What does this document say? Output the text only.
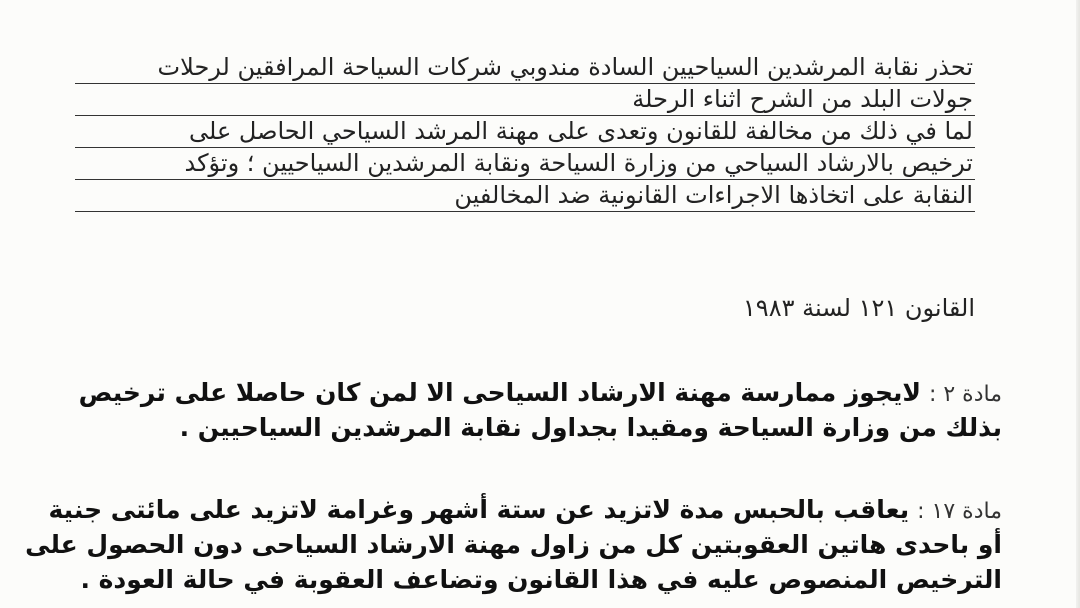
تحذر نقابة المرشدين السياحيين السادة مندوبي شركات السياحة المرافقين لرحلات
جولات البلد من الشرح اثناء الرحلة
لما في ذلك من مخالفة للقانون وتعدى على مهنة المرشد السياحي الحاصل على
ترخيص بالارشاد السياحي من وزارة السياحة ونقابة المرشدين السياحيين ؛ وتؤكد
النقابة على اتخاذها الاجراءات القانونية ضد المخالفين
القانون ١٢١ لسنة ١٩٨٣
مادة ٢ : لايجوز ممارسة مهنة الارشاد السياحى الا لمن كان حاصلا على ترخيص
بذلك من وزارة السياحة ومقيدا بجداول نقابة المرشدين السياحيين .
مادة ١٧ : يعاقب بالحبس مدة لاتزيد عن ستة أشهر وغرامة لاتزيد على مائتى جنية
أو باحدى هاتين العقوبتين كل من زاول مهنة الارشاد السياحى دون الحصول على
الترخيص المنصوص عليه في هذا القانون وتضاعف العقوبة في حالة العودة .
